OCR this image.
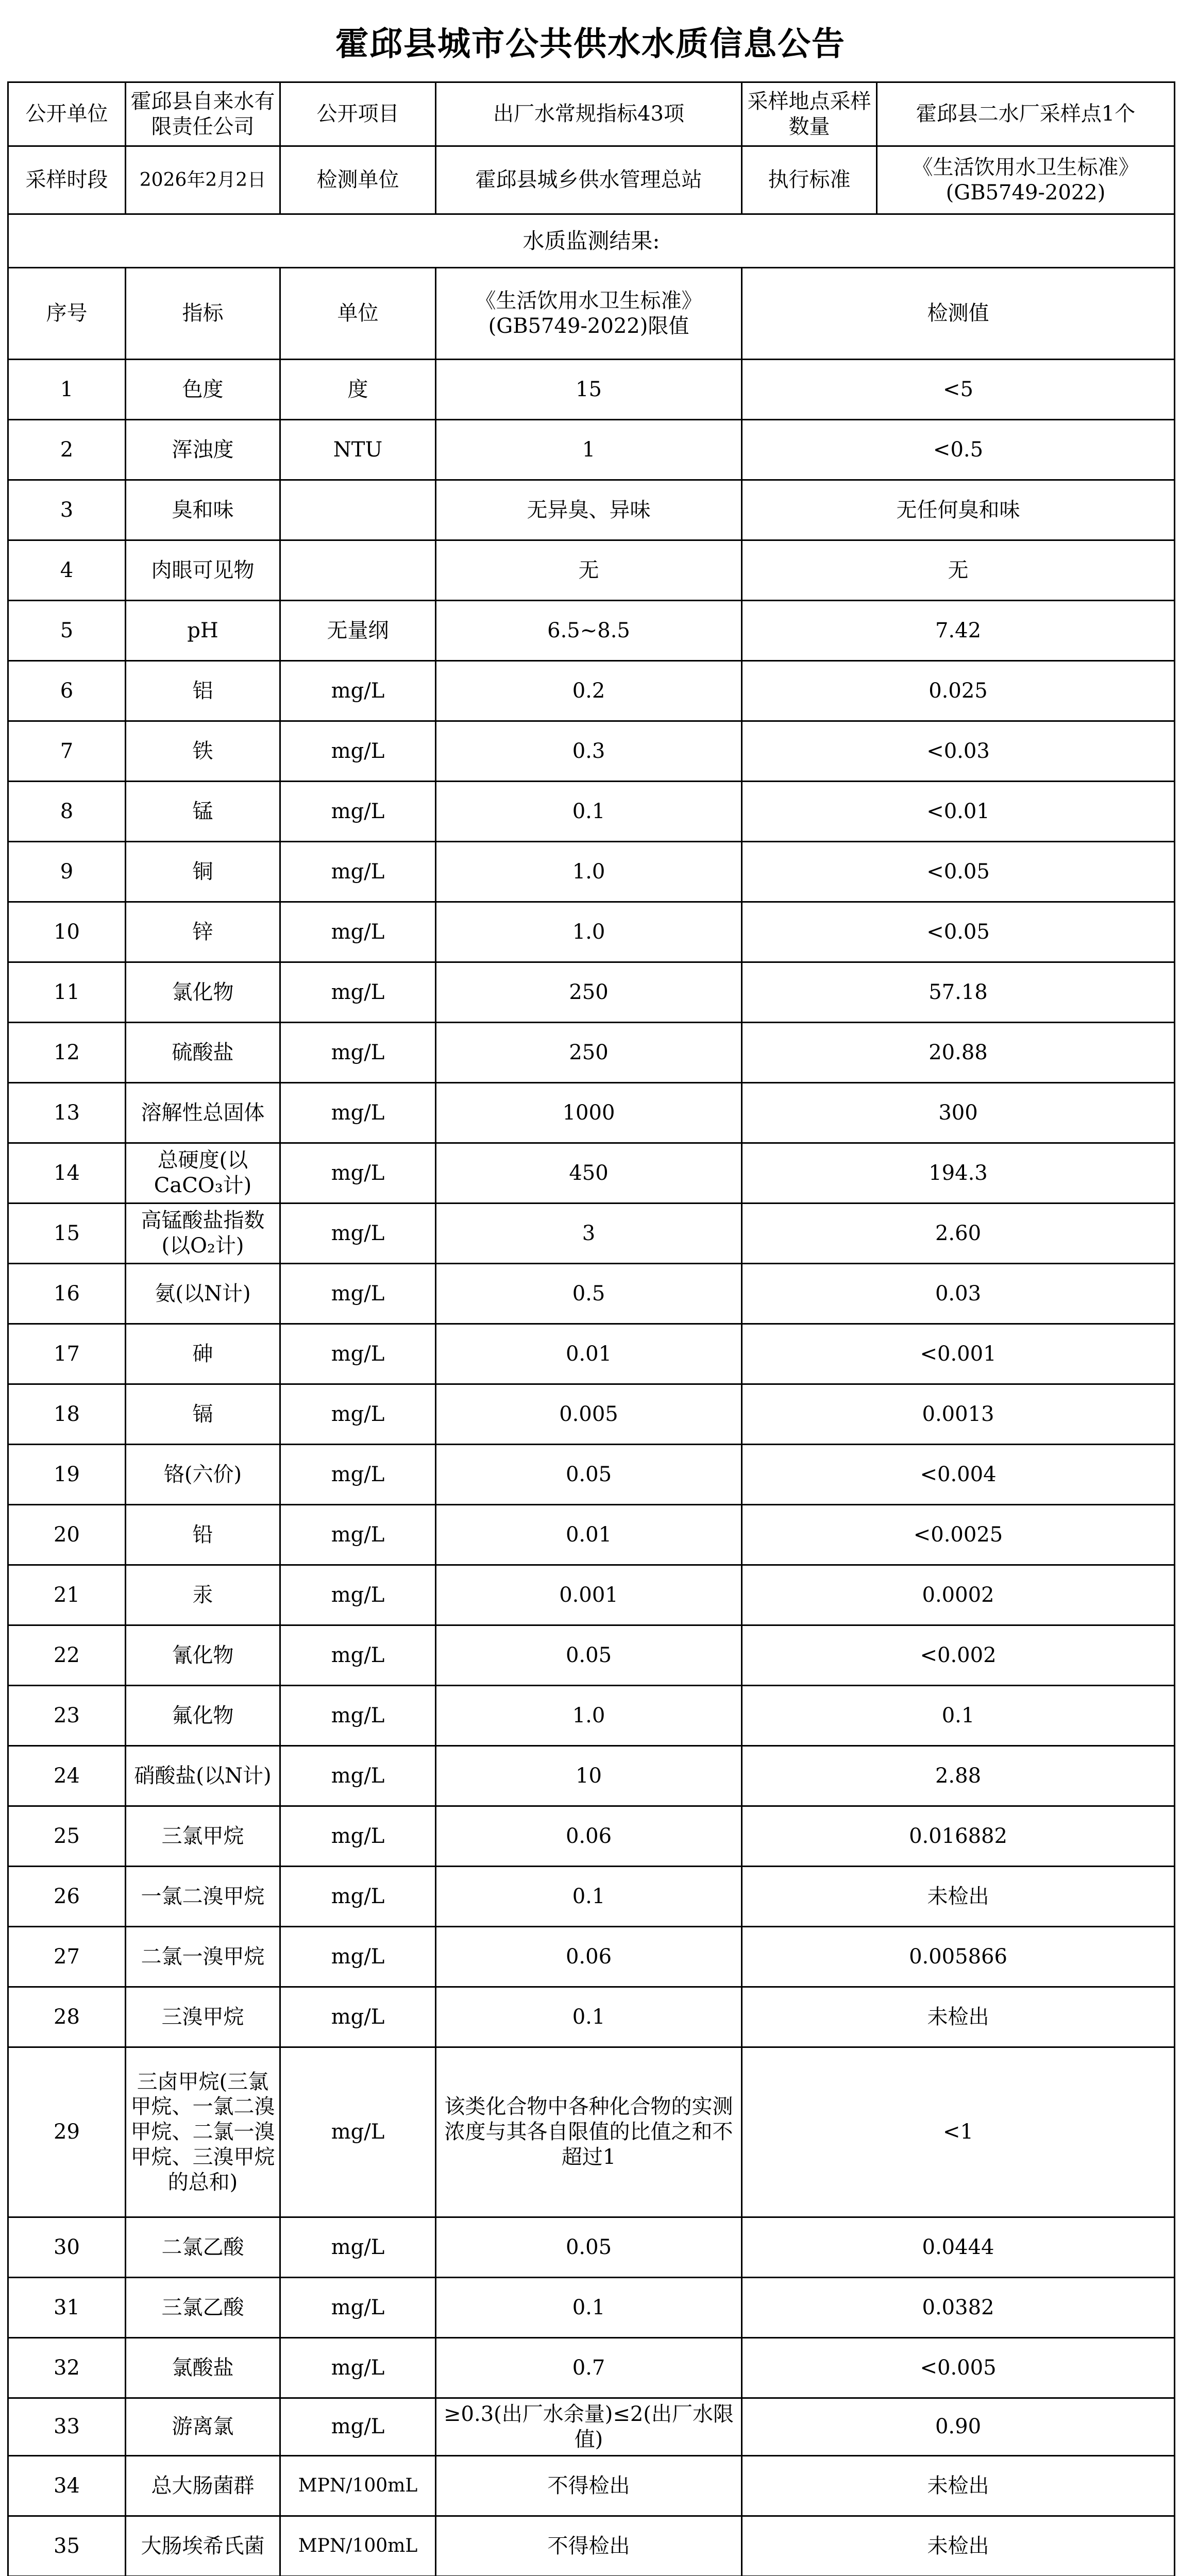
霍邱县城市公共供水水质信息公告
公开单位	霍邱县自来水有限责任公司	公开项目	出厂水常规指标43项	采样地点采样数量	霍邱县二水厂采样点1个
采样时段	2026年2月2日	检测单位	霍邱县城乡供水管理总站	执行标准	《生活饮用水卫生标准》(GB5749-2022)
水质监测结果:					
序号	指标	单位	《生活饮用水卫生标准》(GB5749-2022)限值	检测值	
1	色度	度	15	<5	
2	浑浊度	NTU	1	<0.5	
3	臭和味		无异臭、异味	无任何臭和味	
4	肉眼可见物		无	无	
5	pH	无量纲	6.5~8.5	7.42	
6	铝	mg/L	0.2	0.025	
7	铁	mg/L	0.3	<0.03	
8	锰	mg/L	0.1	<0.01	
9	铜	mg/L	1.0	<0.05	
10	锌	mg/L	1.0	<0.05	
11	氯化物	mg/L	250	57.18	
12	硫酸盐	mg/L	250	20.88	
13	溶解性总固体	mg/L	1000	300	
14	总硬度(以CaCO₃计)	mg/L	450	194.3	
15	高锰酸盐指数(以O₂计)	mg/L	3	2.60	
16	氨(以N计)	mg/L	0.5	0.03	
17	砷	mg/L	0.01	<0.001	
18	镉	mg/L	0.005	0.0013	
19	铬(六价)	mg/L	0.05	<0.004	
20	铅	mg/L	0.01	<0.0025	
21	汞	mg/L	0.001	0.0002	
22	氰化物	mg/L	0.05	<0.002	
23	氟化物	mg/L	1.0	0.1	
24	硝酸盐(以N计)	mg/L	10	2.88	
25	三氯甲烷	mg/L	0.06	0.016882	
26	一氯二溴甲烷	mg/L	0.1	未检出	
27	二氯一溴甲烷	mg/L	0.06	0.005866	
28	三溴甲烷	mg/L	0.1	未检出	
29	三卤甲烷(三氯甲烷、一氯二溴甲烷、二氯一溴甲烷、三溴甲烷的总和)	mg/L	该类化合物中各种化合物的实测浓度与其各自限值的比值之和不超过1	<1	
30	二氯乙酸	mg/L	0.05	0.0444	
31	三氯乙酸	mg/L	0.1	0.0382	
32	氯酸盐	mg/L	0.7	<0.005	
33	游离氯	mg/L	≥0.3(出厂水余量)≤2(出厂水限值)	0.90	
34	总大肠菌群	MPN/100mL	不得检出	未检出	
35	大肠埃希氏菌	MPN/100mL	不得检出	未检出	
